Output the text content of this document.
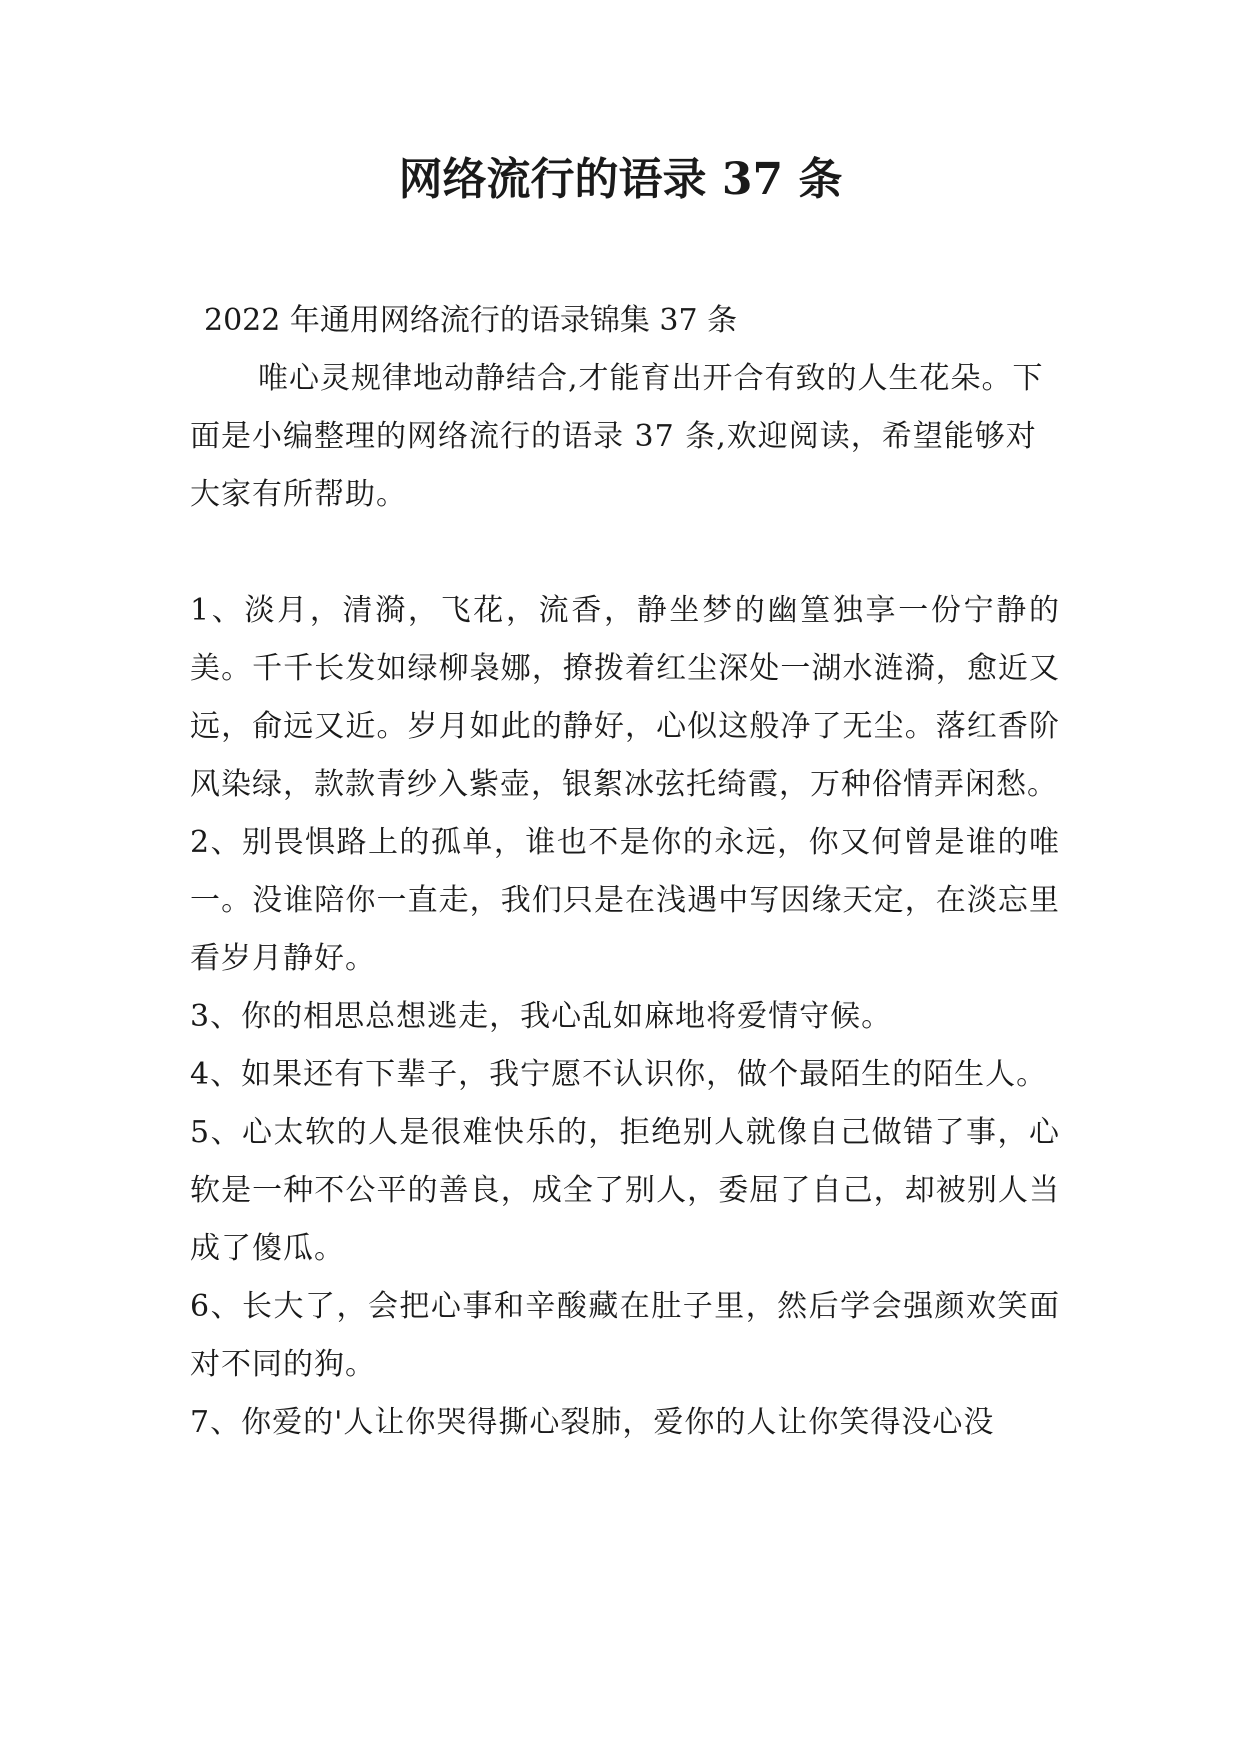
网络流行的语录 37 条

2022 年通用网络流行的语录锦集 37 条

唯心灵规律地动静结合,才能育出开合有致的人生花朵。下面是小编整理的网络流行的语录 37 条,欢迎阅读，希望能够对大家有所帮助。

1、淡月，清漪，飞花，流香，静坐梦的幽篁独享一份宁静的美。千千长发如绿柳袅娜，撩拨着红尘深处一湖水涟漪，愈近又远，俞远又近。岁月如此的静好，心似这般净了无尘。落红香阶风染绿，款款青纱入紫壶，银絮冰弦托绮霞，万种俗情弄闲愁。

2、别畏惧路上的孤单，谁也不是你的永远，你又何曾是谁的唯一。没谁陪你一直走，我们只是在浅遇中写因缘天定，在淡忘里看岁月静好。

3、你的相思总想逃走，我心乱如麻地将爱情守候。

4、如果还有下辈子，我宁愿不认识你，做个最陌生的陌生人。

5、心太软的人是很难快乐的，拒绝别人就像自己做错了事，心软是一种不公平的善良，成全了别人，委屈了自己，却被别人当成了傻瓜。

6、长大了，会把心事和辛酸藏在肚子里，然后学会强颜欢笑面对不同的狗。

7、你爱的'人让你哭得撕心裂肺，爱你的人让你笑得没心没
